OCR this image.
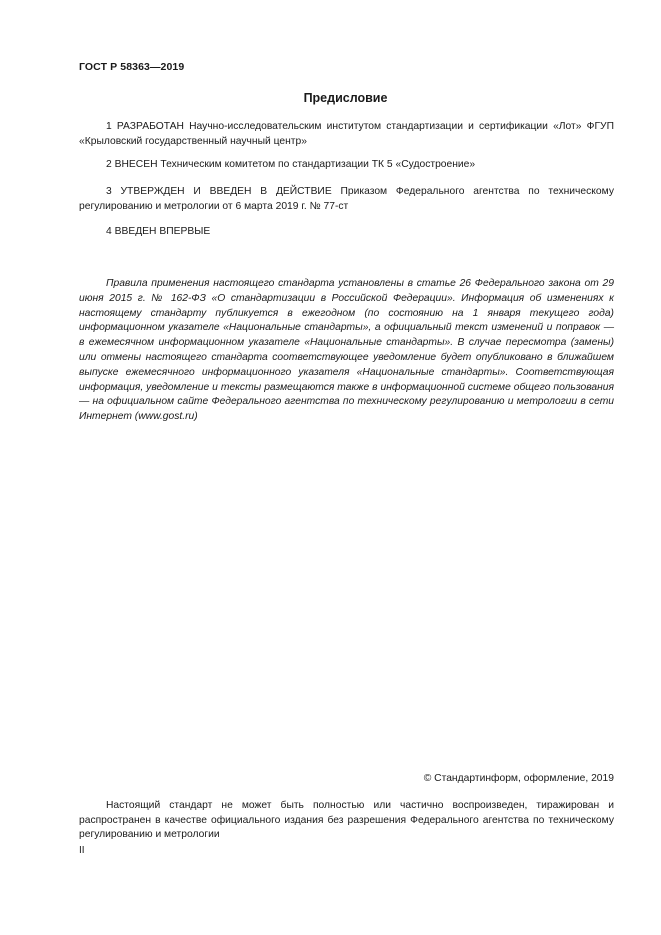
ГОСТ Р 58363—2019
Предисловие

1 РАЗРАБОТАН Научно-исследовательским институтом стандартизации и сертификации «Лот» ФГУП «Крыловский государственный научный центр»

2 ВНЕСЕН Техническим комитетом по стандартизации ТК 5 «Судостроение»

3 УТВЕРЖДЕН И ВВЕДЕН В ДЕЙСТВИЕ Приказом Федерального агентства по техническому регулированию и метрологии от 6 марта 2019 г. № 77-ст

4 ВВЕДЕН ВПЕРВЫЕ

Правила применения настоящего стандарта установлены в статье 26 Федерального закона от 29 июня 2015 г. № 162-ФЗ «О стандартизации в Российской Федерации». Информация об изменениях к настоящему стандарту публикуется в ежегодном (по состоянию на 1 января текущего года) информационном указателе «Национальные стандарты», а официальный текст изменений и поправок — в ежемесячном информационном указателе «Национальные стандарты». В случае пересмотра (замены) или отмены настоящего стандарта соответствующее уведомление будет опубликовано в ближайшем выпуске ежемесячного информационного указателя «Национальные стандарты». Соответствующая информация, уведомление и тексты размещаются также в информационной системе общего пользования — на официальном сайте Федерального агентства по техническому регулированию и метрологии в сети Интернет (www.gost.ru)

© Стандартинформ, оформление, 2019

Настоящий стандарт не может быть полностью или частично воспроизведен, тиражирован и распространен в качестве официального издания без разрешения Федерального агентства по техническому регулированию и метрологии

II
